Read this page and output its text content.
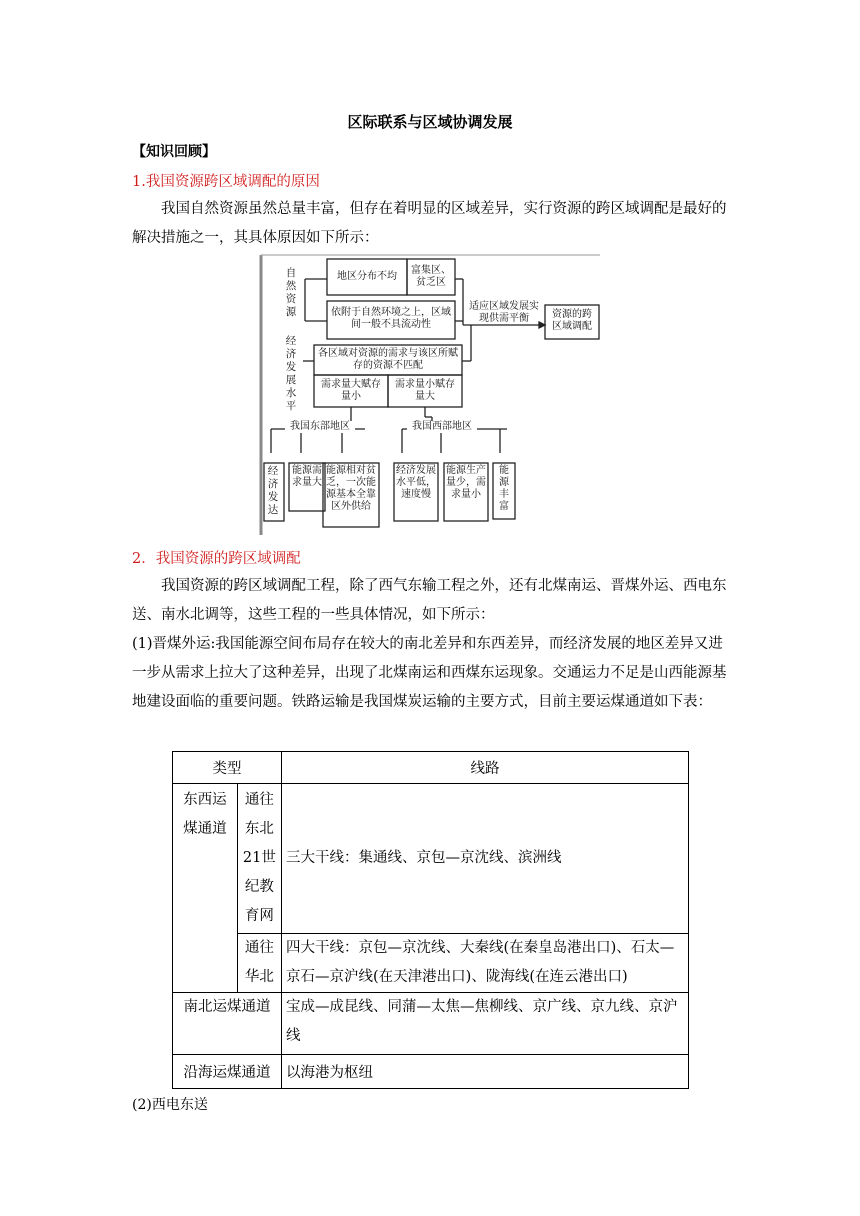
区际联系与区域协调发展
【知识回顾】
1.我国资源跨区域调配的原因
我国自然资源虽然总量丰富，但存在着明显的区域差异，实行资源的跨区域调配是最好的解决措施之一，其具体原因如下所示：
自然资源
经济发展水平
地区分布不均
富集区、贫乏区
依附于自然环境之上，区域间一般不具流动性
各区域对资源的需求与该区所赋存的资源不匹配
需求量大赋存量小
需求量小赋存量大
适应区域发展实现供需平衡	资源的跨区域调配
我国东部地区	我国西部地区
经济发达
能源需求量大
能源相对贫乏，一次能源基本全靠区外供给
经济发展水平低，速度慢
能源生产量少，需求量小
能源丰富
2．我国资源的跨区域调配
我国资源的跨区域调配工程，除了西气东输工程之外，还有北煤南运、晋煤外运、西电东送、南水北调等，这些工程的一些具体情况，如下所示：
(1)晋煤外运:我国能源空间布局存在较大的南北差异和东西差异，而经济发展的地区差异又进一步从需求上拉大了这种差异，出现了北煤南运和西煤东运现象。交通运力不足是山西能源基地建设面临的重要问题。铁路运输是我国煤炭运输的主要方式，目前主要运煤通道如下表：
类型		线路
东西运煤通道	通往东北21世纪教育网	三大干线：集通线、京包—京沈线、滨洲线
	通往华北	四大干线：京包—京沈线、大秦线(在秦皇岛港出口)、石太—京石—京沪线(在天津港出口)、陇海线(在连云港出口)
南北运煤通道		宝成—成昆线、同蒲—太焦—焦柳线、京广线、京九线、京沪线
沿海运煤通道		以海港为枢纽
(2)西电东送
